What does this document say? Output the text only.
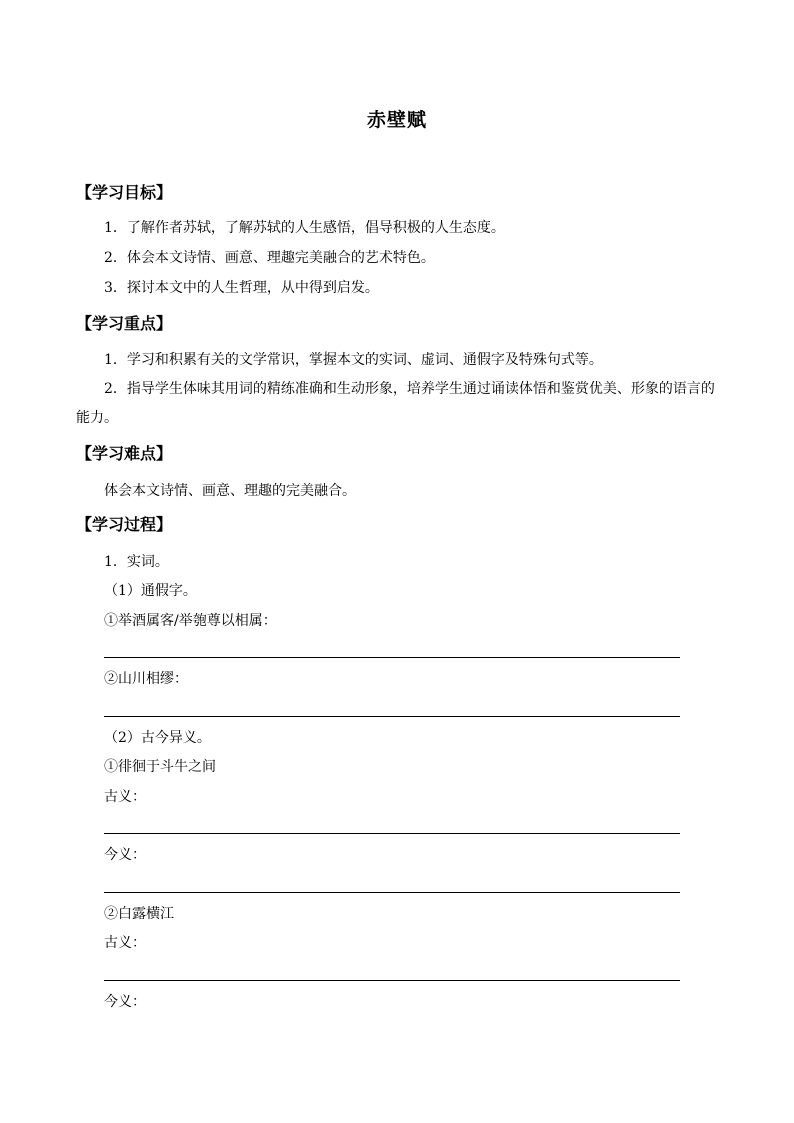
赤壁赋
【学习目标】
1．了解作者苏轼，了解苏轼的人生感悟，倡导积极的人生态度。
2．体会本文诗情、画意、理趣完美融合的艺术特色。
3．探讨本文中的人生哲理，从中得到启发。
【学习重点】
1．学习和积累有关的文学常识，掌握本文的实词、虚词、通假字及特殊句式等。
2．指导学生体味其用词的精练准确和生动形象，培养学生通过诵读体悟和鉴赏优美、形象的语言的能力。
【学习难点】
体会本文诗情、画意、理趣的完美融合。
【学习过程】
1．实词。
（1）通假字。
①举酒属客/举匏尊以相属：
②山川相缪：
（2）古今异义。
①徘徊于斗牛之间
古义：
今义：
②白露横江
古义：
今义：
